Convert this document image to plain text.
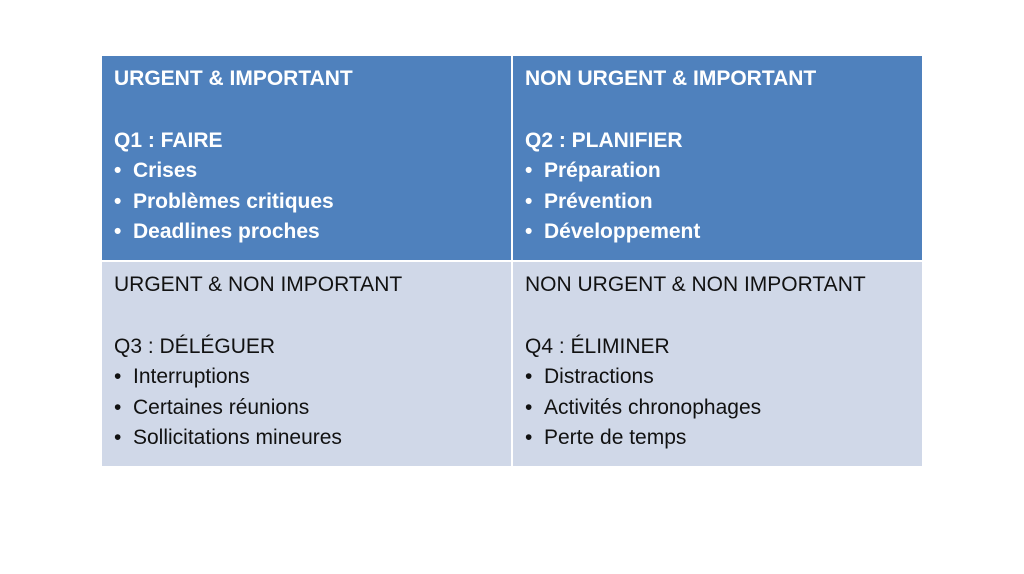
URGENT & IMPORTANT
Q1 : FAIRE
• Crises
• Problèmes critiques
• Deadlines proches
NON URGENT & IMPORTANT
Q2 : PLANIFIER
• Préparation
• Prévention
• Développement
URGENT & NON IMPORTANT
Q3 : DÉLÉGUER
• Interruptions
• Certaines réunions
• Sollicitations mineures
NON URGENT & NON IMPORTANT
Q4 : ÉLIMINER
• Distractions
• Activités chronophages
• Perte de temps
